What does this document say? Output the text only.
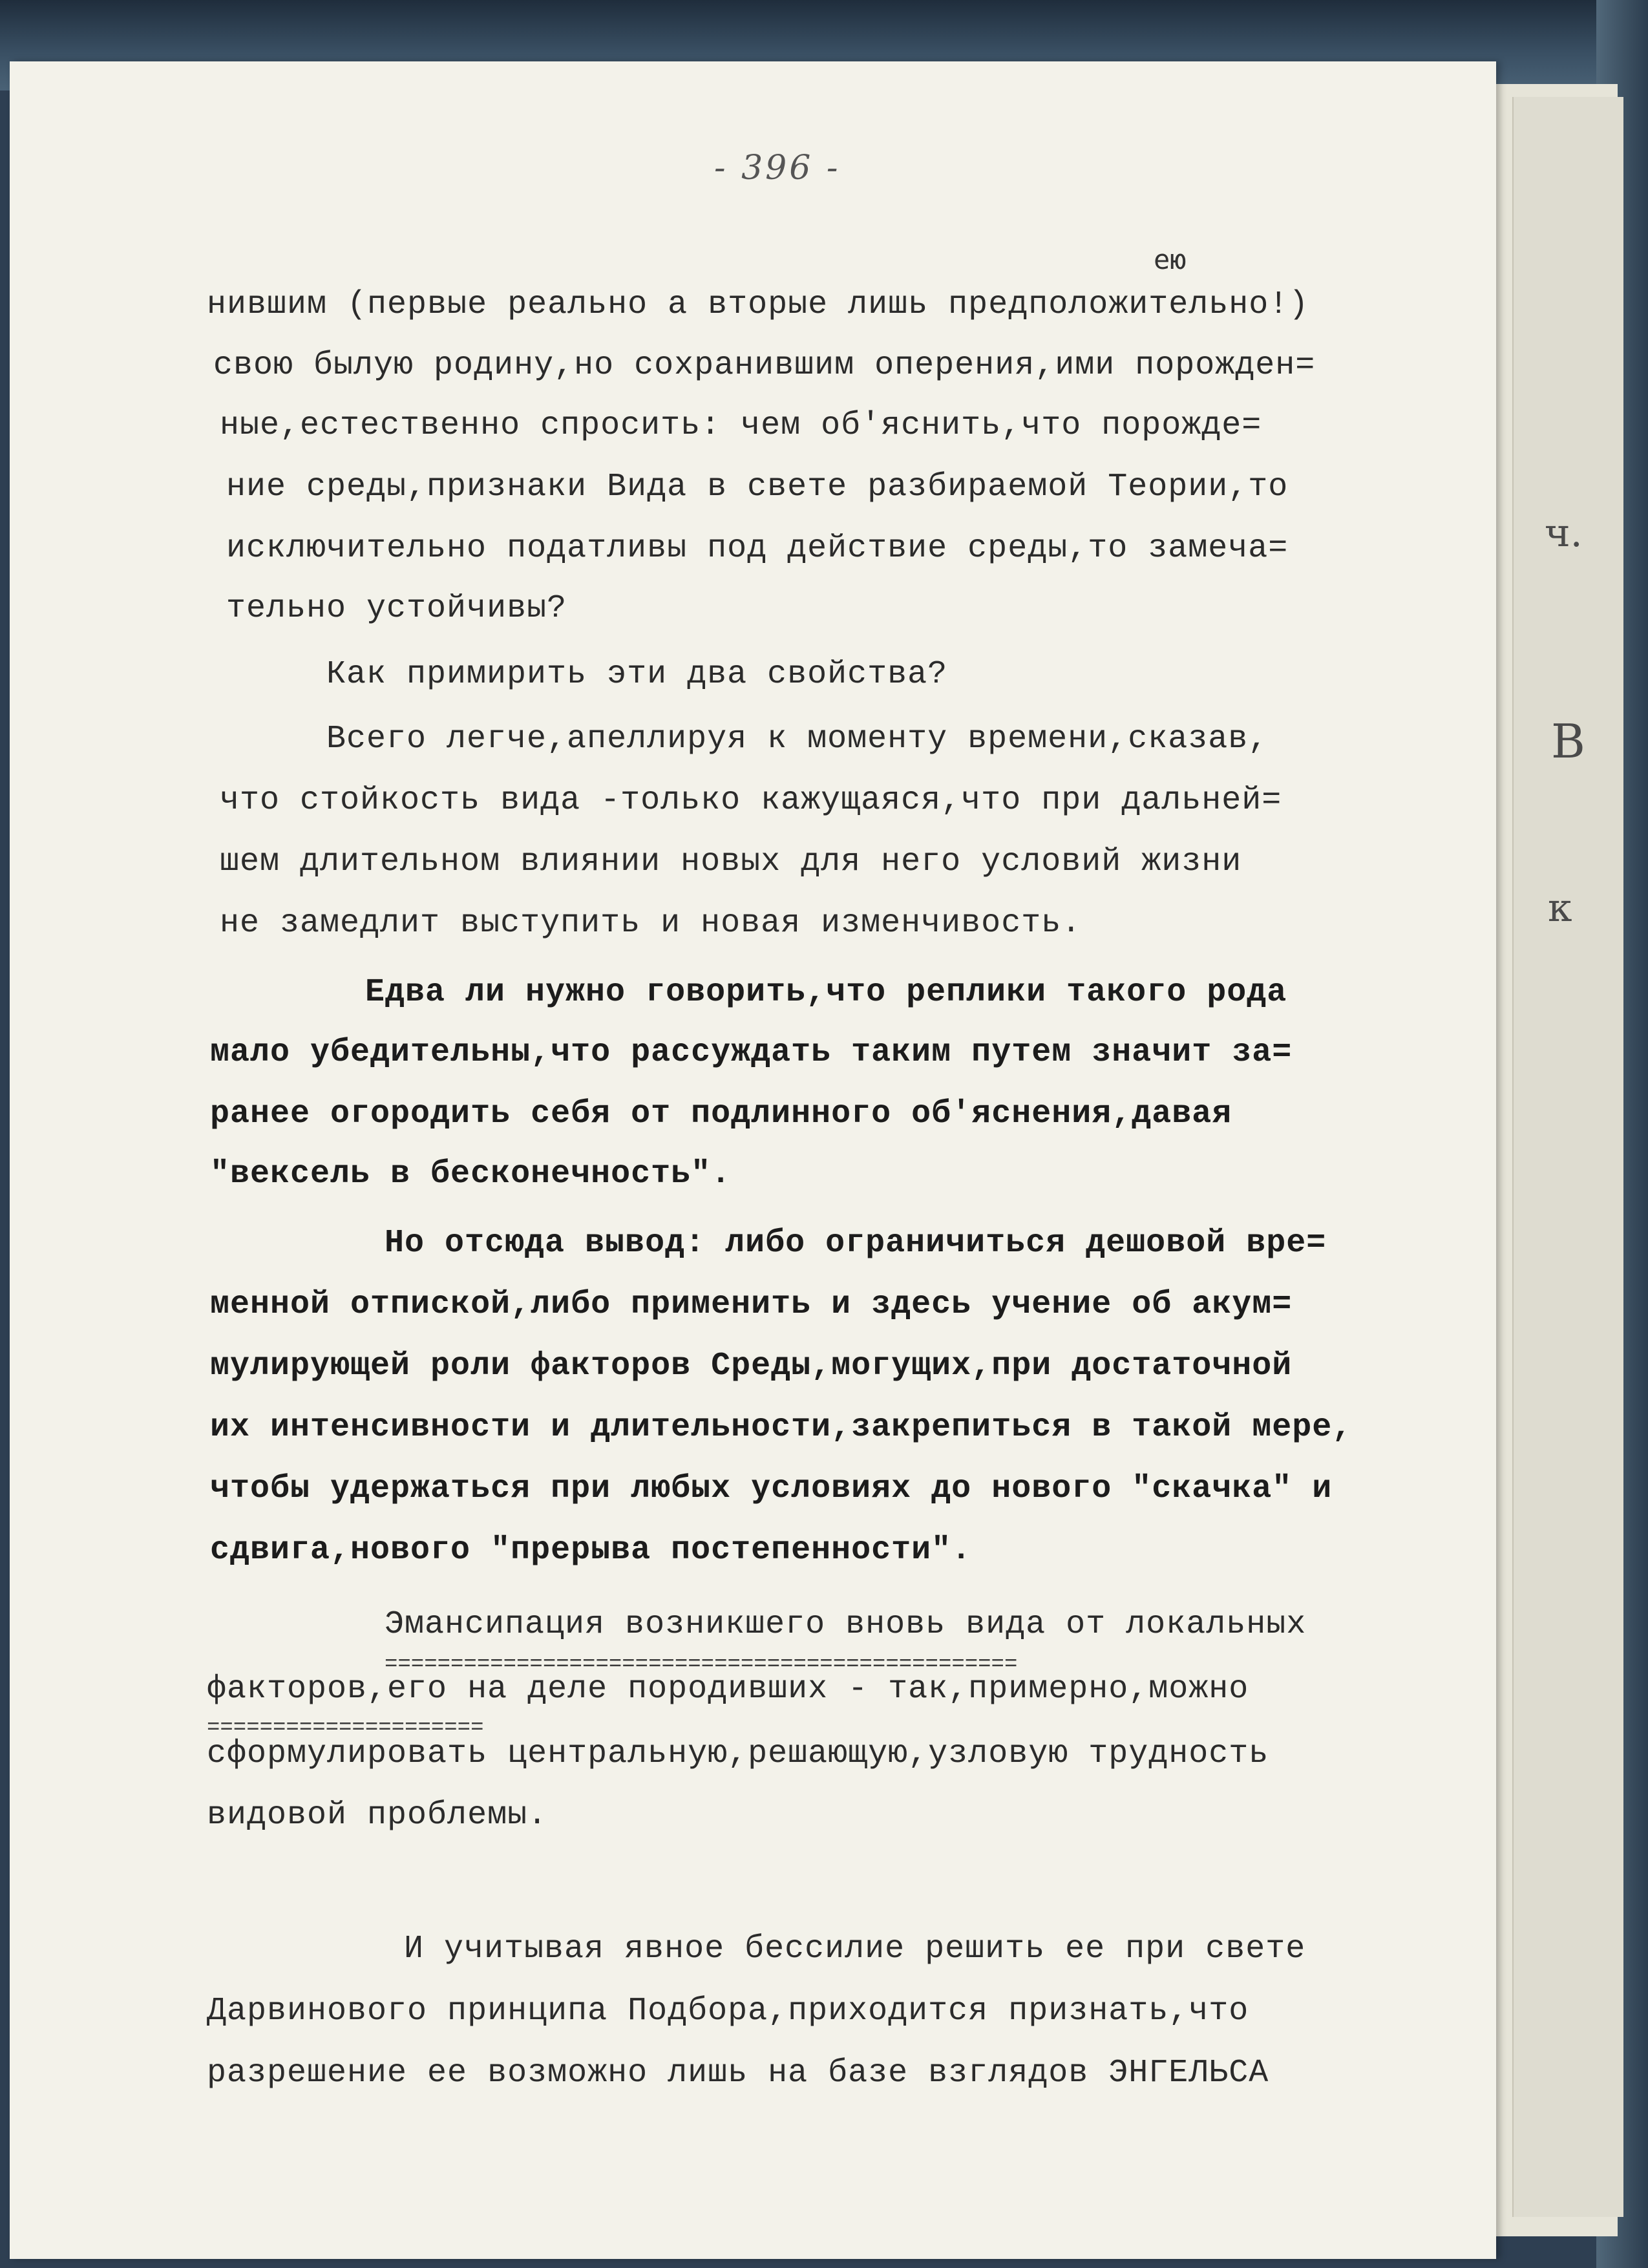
ч.
В
к
- 396 -
ею
нившим (первые реально а вторые лишь предположительно!)
свою былую родину,но сохранившим оперения,ими порожден=
ные,естественно спросить: чем об'яснить,что порожде=
ние среды,признаки Вида в свете разбираемой Теории,то
исключительно податливы под действие среды,то замеча=
тельно устойчивы?
Как примирить эти два свойства?
Всего легче,апеллируя к моменту времени,сказав,
что стойкость вида -только кажущаяся,что при дальней=
шем длительном влиянии новых для него условий жизни
не замедлит выступить и новая изменчивость.
Едва ли нужно говорить,что реплики такого рода
мало убедительны,что рассуждать таким путем значит за=
ранее огородить себя от подлинного об'яснения,давая
"вексель в бесконечность".
Но отсюда вывод: либо ограничиться дешовой вре=
менной отпиской,либо применить и здесь учение об акум=
мулирующей роли факторов Среды,могущих,при достаточной
их интенсивности и длительности,закрепиться в такой мере,
чтобы удержаться при любых условиях до нового "скачка" и
сдвига,нового "прерыва постепенности".
Эмансипация возникшего вновь вида от локальных
================================================
факторов,его на деле породивших - так,примерно,можно
=====================
сформулировать центральную,решающую,узловую трудность
видовой проблемы.
И учитывая явное бессилие решить ее при свете
Дарвинового принципа Подбора,приходится признать,что
разрешение ее возможно лишь на базе взглядов ЭНГЕЛЬСА
